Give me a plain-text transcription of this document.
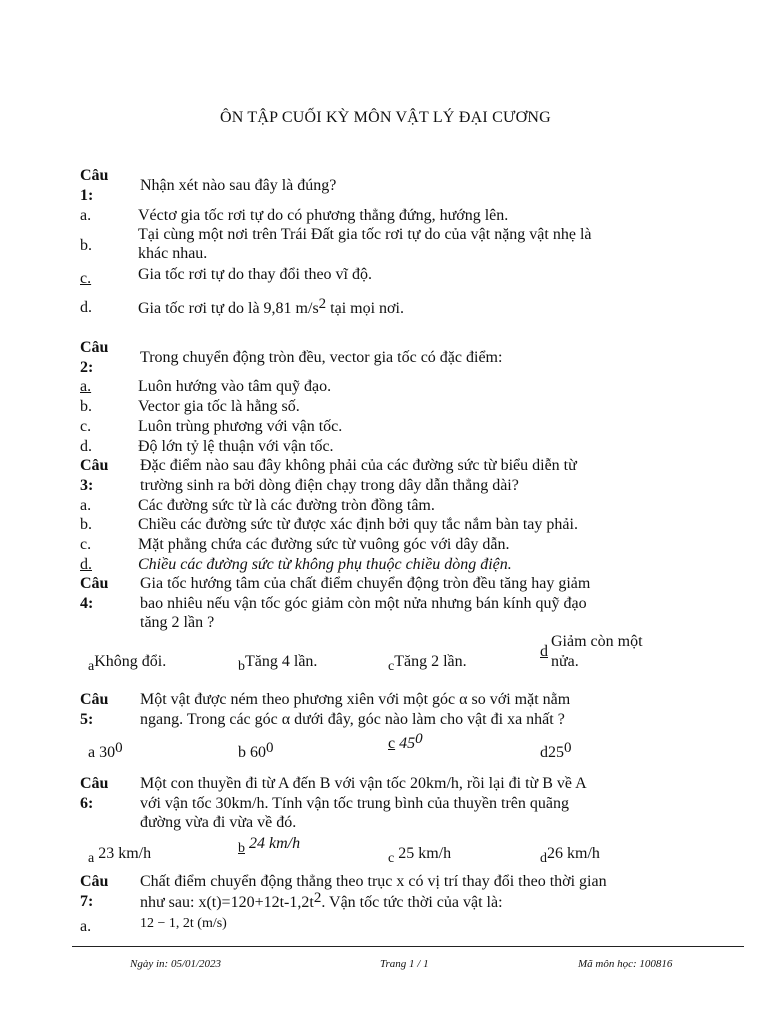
ÔN TẬP CUỐI KỲ MÔN VẬT LÝ ĐẠI CƯƠNG
Câu
1:
Nhận xét nào sau đây là đúng?
a.	Véctơ gia tốc rơi tự do có phương thẳng đứng, hướng lên.
b.
Tại cùng một nơi trên Trái Đất gia tốc rơi tự do của vật nặng vật nhẹ là
khác nhau.
c.	Gia tốc rơi tự do thay đổi theo vĩ độ.
d.	Gia tốc rơi tự do là 9,81 m/s2 tại mọi nơi.
Câu
2:
Trong chuyển động tròn đều, vector gia tốc có đặc điểm:
a.	Luôn hướng vào tâm quỹ đạo.
b.	Vector gia tốc là hằng số.
c.	Luôn trùng phương với vận tốc.
d.	Độ lớn tỷ lệ thuận với vận tốc.
Câu
3:
Đặc điểm nào sau đây không phải của các đường sức từ biểu diễn từ
trường sinh ra bởi dòng điện chạy trong dây dẫn thẳng dài?
a.	Các đường sức từ là các đường tròn đồng tâm.
b.	Chiều các đường sức từ được xác định bởi quy tắc nắm bàn tay phải.
c.	Mặt phẳng chứa các đường sức từ vuông góc với dây dẫn.
d.	Chiều các đường sức từ không phụ thuộc chiều dòng điện.
Câu
4:
Gia tốc hướng tâm của chất điểm chuyển động tròn đều tăng hay giảm
bao nhiêu nếu vận tốc góc giảm còn một nửa nhưng bán kính quỹ đạo
tăng 2 lần ?
aKhông đổi.	bTăng 4 lần.	cTăng 2 lần.
d
Giảm còn một
nửa.
Câu
5:
Một vật được ném theo phương xiên với một góc α so với mặt nằm
ngang. Trong các góc α dưới đây, góc nào làm cho vật đi xa nhất ?
a 300	b 600	c 450
d250
Câu
6:
Một con thuyền đi từ A đến B với vận tốc 20km/h, rồi lại đi từ B về A
với vận tốc 30km/h. Tính vận tốc trung bình của thuyền trên quãng
đường vừa đi vừa về đó.
a 23 km/h	b 24 km/h
c 25 km/h	d26 km/h
Câu
7:
Chất điểm chuyển động thẳng theo trục x có vị trí thay đổi theo thời gian
như sau: x(t)=120+12t-1,2t2. Vận tốc tức thời của vật là:
a.	12 − 1, 2t (m/s)
Ngày in: 05/01/2023	Trang 1 / 1	Mã môn học: 100816
